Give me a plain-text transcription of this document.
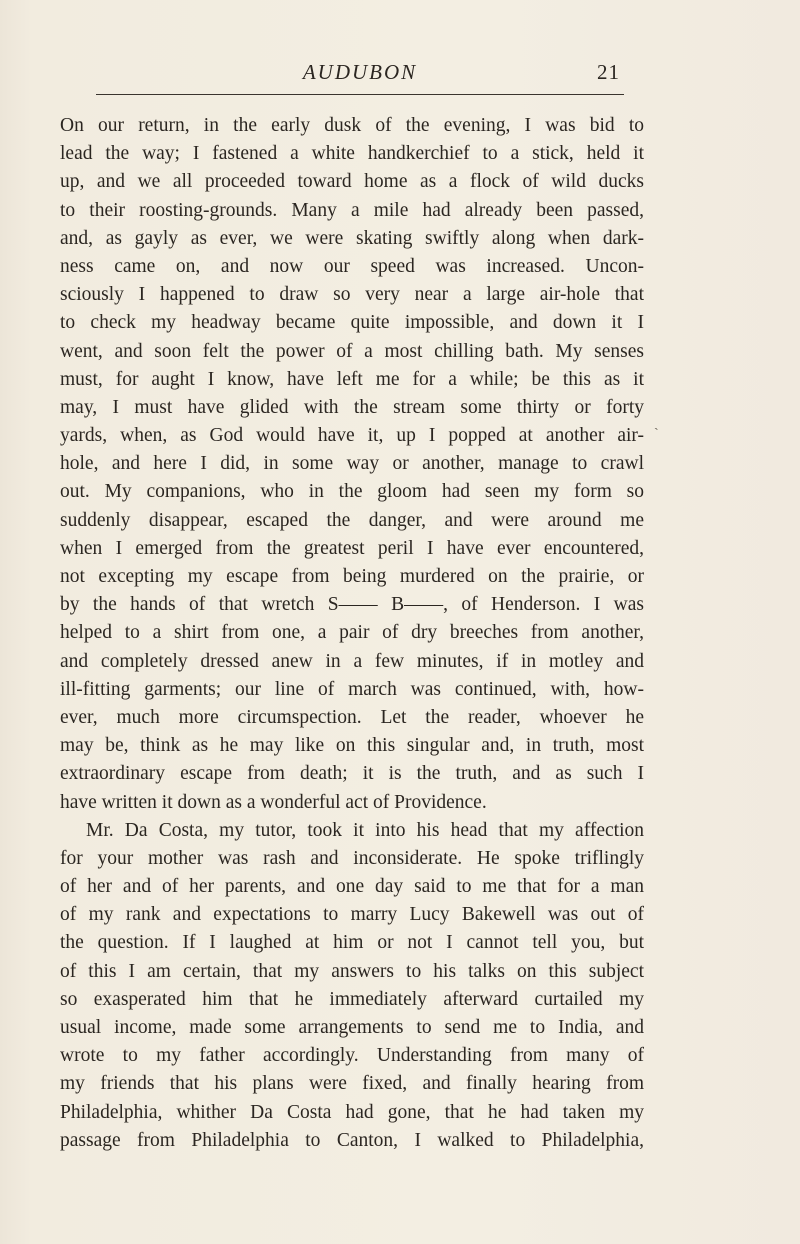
AUDUBON	21
On our return, in the early dusk of the evening, I was bid to
lead the way; I fastened a white handkerchief to a stick, held it
up, and we all proceeded toward home as a flock of wild ducks
to their roosting-grounds. Many a mile had already been passed,
and, as gayly as ever, we were skating swiftly along when dark-
ness came on, and now our speed was increased. Uncon-
sciously I happened to draw so very near a large air-hole that
to check my headway became quite impossible, and down it I
went, and soon felt the power of a most chilling bath. My senses
must, for aught I know, have left me for a while; be this as it
may, I must have glided with the stream some thirty or forty
yards, when, as God would have it, up I popped at another air-
hole, and here I did, in some way or another, manage to crawl
out. My companions, who in the gloom had seen my form so
suddenly disappear, escaped the danger, and were around me
when I emerged from the greatest peril I have ever encountered,
not excepting my escape from being murdered on the prairie, or
by the hands of that wretch S—— B——, of Henderson. I was
helped to a shirt from one, a pair of dry breeches from another,
and completely dressed anew in a few minutes, if in motley and
ill-fitting garments; our line of march was continued, with, how-
ever, much more circumspection. Let the reader, whoever he
may be, think as he may like on this singular and, in truth, most
extraordinary escape from death; it is the truth, and as such I
have written it down as a wonderful act of Providence.
Mr. Da Costa, my tutor, took it into his head that my affection
for your mother was rash and inconsiderate. He spoke triflingly
of her and of her parents, and one day said to me that for a man
of my rank and expectations to marry Lucy Bakewell was out of
the question. If I laughed at him or not I cannot tell you, but
of this I am certain, that my answers to his talks on this subject
so exasperated him that he immediately afterward curtailed my
usual income, made some arrangements to send me to India, and
wrote to my father accordingly. Understanding from many of
my friends that his plans were fixed, and finally hearing from
Philadelphia, whither Da Costa had gone, that he had taken my
passage from Philadelphia to Canton, I walked to Philadelphia,
ˎ
